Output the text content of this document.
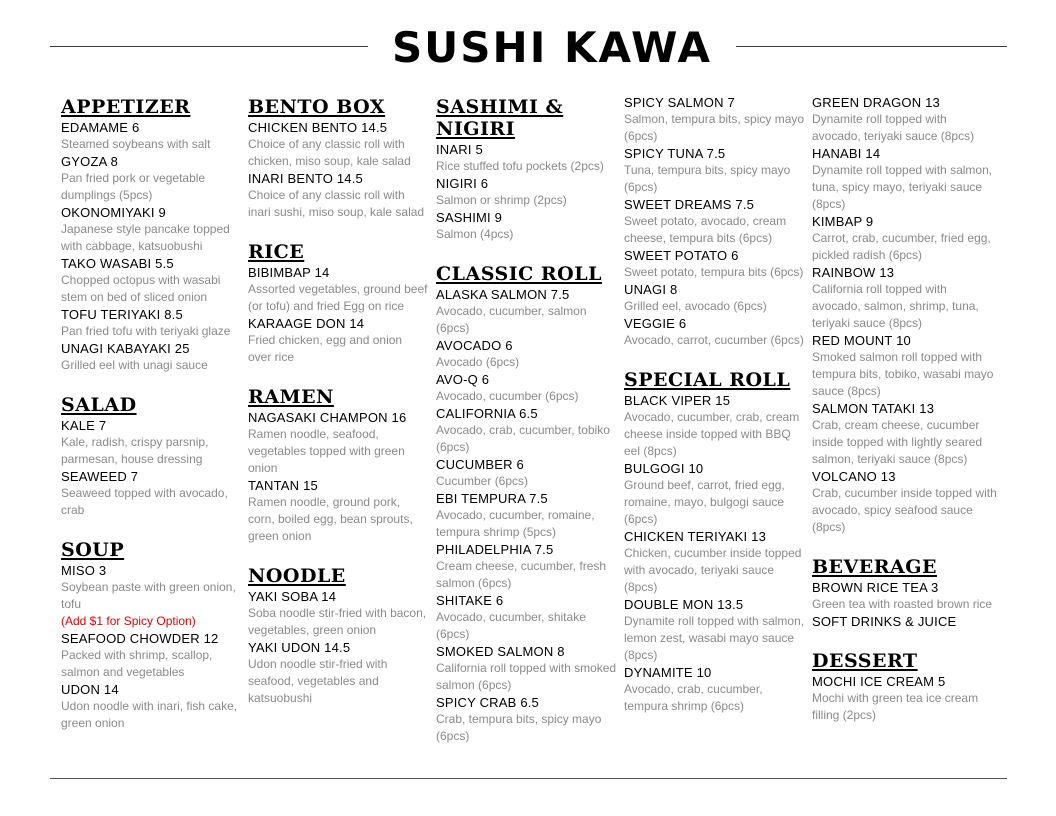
SUSHI KAWA
APPETIZER
EDAMAME 6
Steamed soybeans with salt
GYOZA 8
Pan fried pork or vegetable dumplings (5pcs)
OKONOMIYAKI 9
Japanese style pancake topped with cabbage, katsuobushi
TAKO WASABI 5.5
Chopped octopus with wasabi stem on bed of sliced onion
TOFU TERIYAKI 8.5
Pan fried tofu with teriyaki glaze
UNAGI KABAYAKI 25
Grilled eel with unagi sauce
SALAD
KALE 7
Kale, radish, crispy parsnip, parmesan, house dressing
SEAWEED 7
Seaweed topped with avocado, crab
SOUP
MISO 3
Soybean paste with green onion, tofu
(Add $1 for Spicy Option)
SEAFOOD CHOWDER 12
Packed with shrimp, scallop, salmon and vegetables
UDON 14
Udon noodle with inari, fish cake, green onion
BENTO BOX
CHICKEN BENTO 14.5
Choice of any classic roll with chicken, miso soup, kale salad
INARI BENTO 14.5
Choice of any classic roll with inari sushi, miso soup, kale salad
RICE
BIBIMBAP 14
Assorted vegetables, ground beef (or tofu) and fried Egg on rice
KARAAGE DON 14
Fried chicken, egg and onion over rice
RAMEN
NAGASAKI CHAMPON 16
Ramen noodle, seafood, vegetables topped with green onion
TANTAN 15
Ramen noodle, ground pork, corn, boiled egg, bean sprouts, green onion
NOODLE
YAKI SOBA 14
Soba noodle stir-fried with bacon, vegetables, green onion
YAKI UDON 14.5
Udon noodle stir-fried with seafood, vegetables and katsuobushi
SASHIMI & NIGIRI
INARI 5
Rice stuffed tofu pockets (2pcs)
NIGIRI 6
Salmon or shrimp (2pcs)
SASHIMI 9
Salmon (4pcs)
CLASSIC ROLL
ALASKA SALMON 7.5
Avocado, cucumber, salmon (6pcs)
AVOCADO 6
Avocado (6pcs)
AVO-Q 6
Avocado, cucumber (6pcs)
CALIFORNIA 6.5
Avocado, crab, cucumber, tobiko (6pcs)
CUCUMBER 6
Cucumber (6pcs)
EBI TEMPURA 7.5
Avocado, cucumber, romaine, tempura shrimp (5pcs)
PHILADELPHIA 7.5
Cream cheese, cucumber, fresh salmon (6pcs)
SHITAKE 6
Avocado, cucumber, shitake (6pcs)
SMOKED SALMON 8
California roll topped with smoked salmon (6pcs)
SPICY CRAB 6.5
Crab, tempura bits, spicy mayo (6pcs)
SPICY SALMON 7
Salmon, tempura bits, spicy mayo (6pcs)
SPICY TUNA 7.5
Tuna, tempura bits, spicy mayo (6pcs)
SWEET DREAMS 7.5
Sweet potato, avocado, cream cheese, tempura bits (6pcs)
SWEET POTATO 6
Sweet potato, tempura bits (6pcs)
UNAGI 8
Grilled eel, avocado (6pcs)
VEGGIE 6
Avocado, carrot, cucumber (6pcs)
SPECIAL ROLL
BLACK VIPER 15
Avocado, cucumber, crab, cream cheese inside topped with BBQ eel (8pcs)
BULGOGI 10
Ground beef, carrot, fried egg, romaine, mayo, bulgogi sauce (6pcs)
CHICKEN TERIYAKI 13
Chicken, cucumber inside topped with avocado, teriyaki sauce (8pcs)
DOUBLE MON 13.5
Dynamite roll topped with salmon, lemon zest, wasabi mayo sauce (8pcs)
DYNAMITE 10
Avocado, crab, cucumber, tempura shrimp (6pcs)
GREEN DRAGON 13
Dynamite roll topped with avocado, teriyaki sauce (8pcs)
HANABI 14
Dynamite roll topped with salmon, tuna, spicy mayo, teriyaki sauce (8pcs)
KIMBAP 9
Carrot, crab, cucumber, fried egg, pickled radish (6pcs)
RAINBOW 13
California roll topped with avocado, salmon, shrimp, tuna, teriyaki sauce (8pcs)
RED MOUNT 10
Smoked salmon roll topped with tempura bits, tobiko, wasabi mayo sauce (8pcs)
SALMON TATAKI 13
Crab, cream cheese, cucumber inside topped with lightly seared salmon, teriyaki sauce (8pcs)
VOLCANO 13
Crab, cucumber inside topped with avocado, spicy seafood sauce (8pcs)
BEVERAGE
BROWN RICE TEA 3
Green tea with roasted brown rice
SOFT DRINKS & JUICE
DESSERT
MOCHI ICE CREAM 5
Mochi with green tea ice cream filling (2pcs)
